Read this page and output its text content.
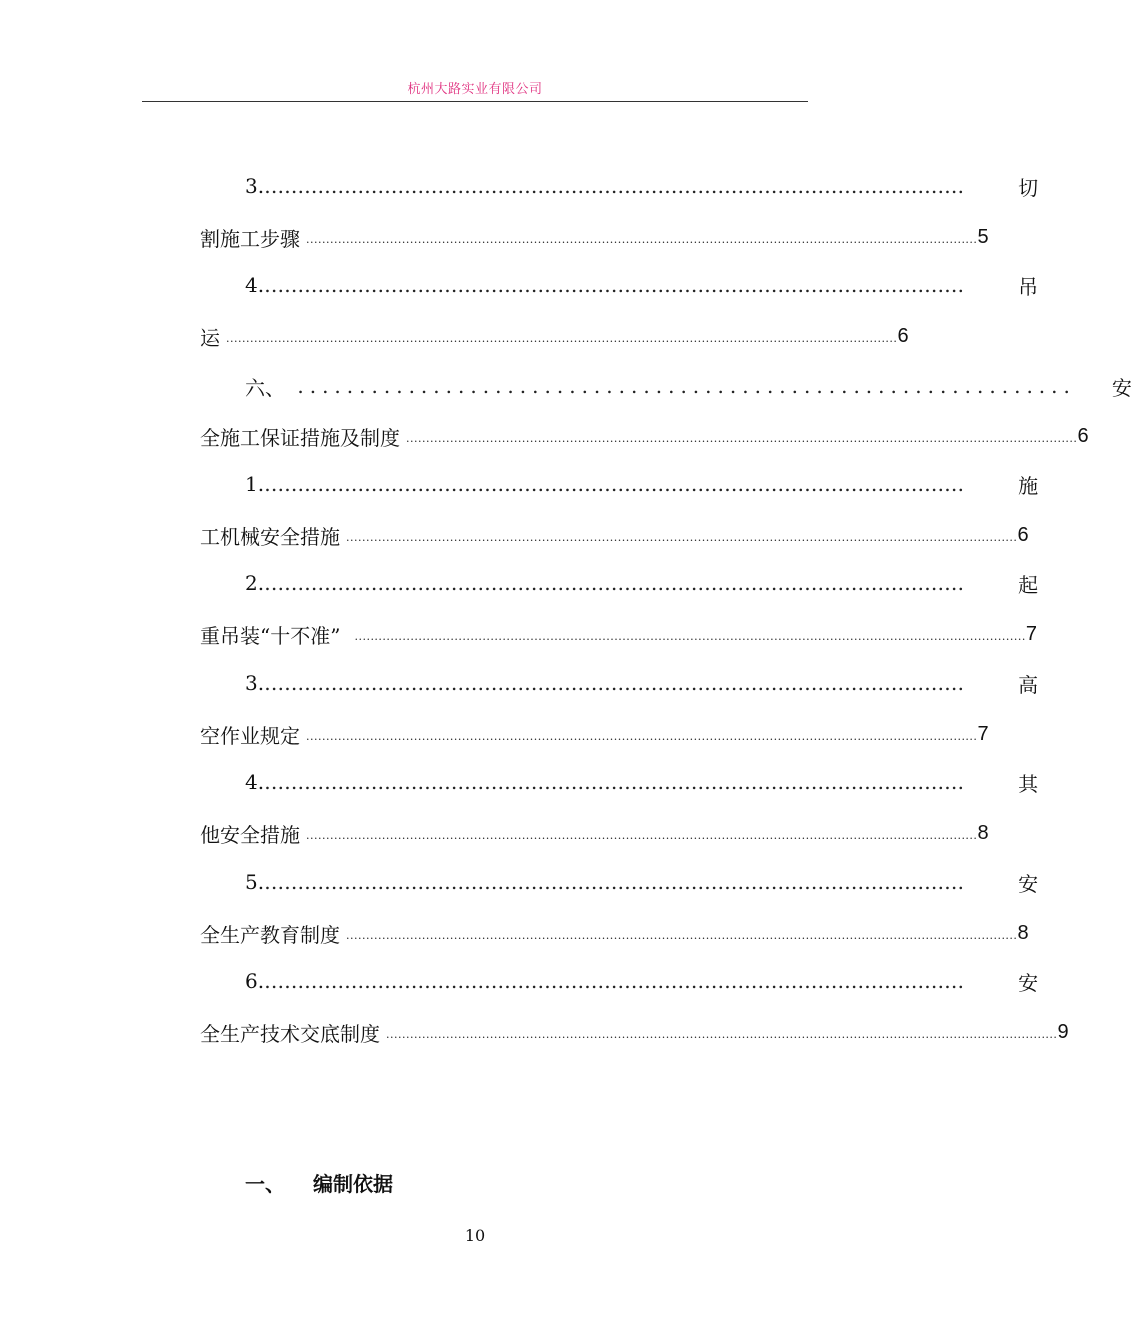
杭州大路实业有限公司
3. ……………………………………………………………………………………………	切
割施工步骤 ........................................................................................................................................................................ 5
4. ……………………………………………………………………………………………	吊
运 ........................................................................................................................................................................ 6
六、 ............................................................... 安
全施工保证措施及制度 ........................................................................................................................................................................ 6
1. ……………………………………………………………………………………………	施
工机械安全措施 ........................................................................................................................................................................ 6
2. ……………………………………………………………………………………………	起
重吊装“十不准” ........................................................................................................................................................................ 7
3. ……………………………………………………………………………………………	高
空作业规定 ........................................................................................................................................................................ 7
4. ……………………………………………………………………………………………	其
他安全措施 ........................................................................................................................................................................ 8
5. ……………………………………………………………………………………………	安
全生产教育制度 ........................................................................................................................................................................ 8
6. ……………………………………………………………………………………………	安
全生产技术交底制度 ........................................................................................................................................................................ 9
一、	编制依据
10
